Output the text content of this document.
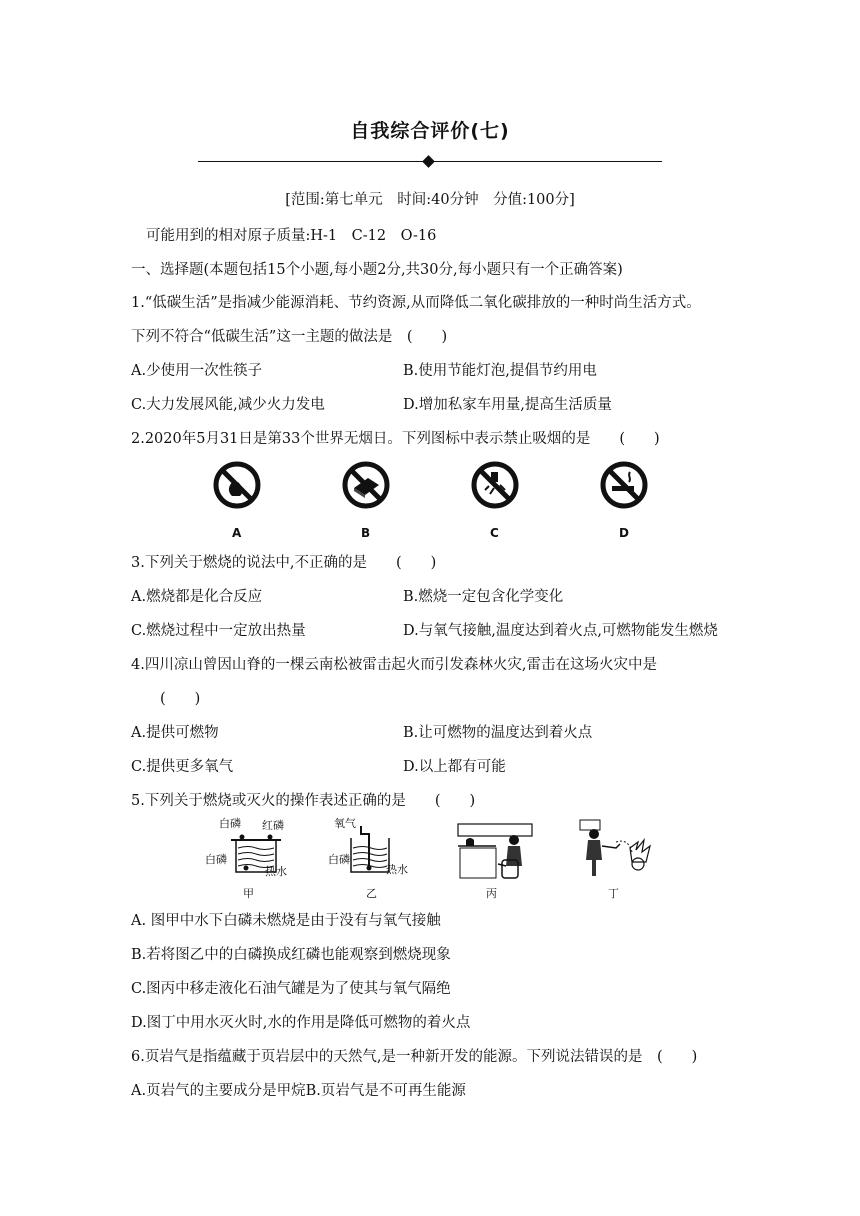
自我综合评价(七)
[范围:第七单元　时间:40分钟　分值:100分]
可能用到的相对原子质量:H-1　C-12　O-16
一、选择题(本题包括15个小题,每小题2分,共30分,每小题只有一个正确答案)
1.“低碳生活”是指减少能源消耗、节约资源,从而降低二氧化碳排放的一种时尚生活方式。
下列不符合“低碳生活”这一主题的做法是　(　　)
A.少使用一次性筷子	B.使用节能灯泡,提倡节约用电
C.大力发展风能,减少火力发电	D.增加私家车用量,提高生活质量
2.2020年5月31日是第33个世界无烟日。下列图标中表示禁止吸烟的是　　(　　)
A	B	C	D
3.下列关于燃烧的说法中,不正确的是　　(　　)
A.燃烧都是化合反应	B.燃烧一定包含化学变化
C.燃烧过程中一定放出热量	D.与氧气接触,温度达到着火点,可燃物能发生燃烧
4.四川凉山曾因山脊的一棵云南松被雷击起火而引发森林火灾,雷击在这场火灾中是
(　　)
A.提供可燃物	B.让可燃物的温度达到着火点
C.提供更多氧气	D.以上都有可能
5.下列关于燃烧或灭火的操作表述正确的是　　(　　)
白磷 红磷
白磷
热水
甲
氧气
白磷
热水
乙	丙	丁
A. 图甲中水下白磷未燃烧是由于没有与氧气接触
B.若将图乙中的白磷换成红磷也能观察到燃烧现象
C.图丙中移走液化石油气罐是为了使其与氧气隔绝
D.图丁中用水灭火时,水的作用是降低可燃物的着火点
6.页岩气是指蕴藏于页岩层中的天然气,是一种新开发的能源。下列说法错误的是　(　　)
A.页岩气的主要成分是甲烷B.页岩气是不可再生能源
